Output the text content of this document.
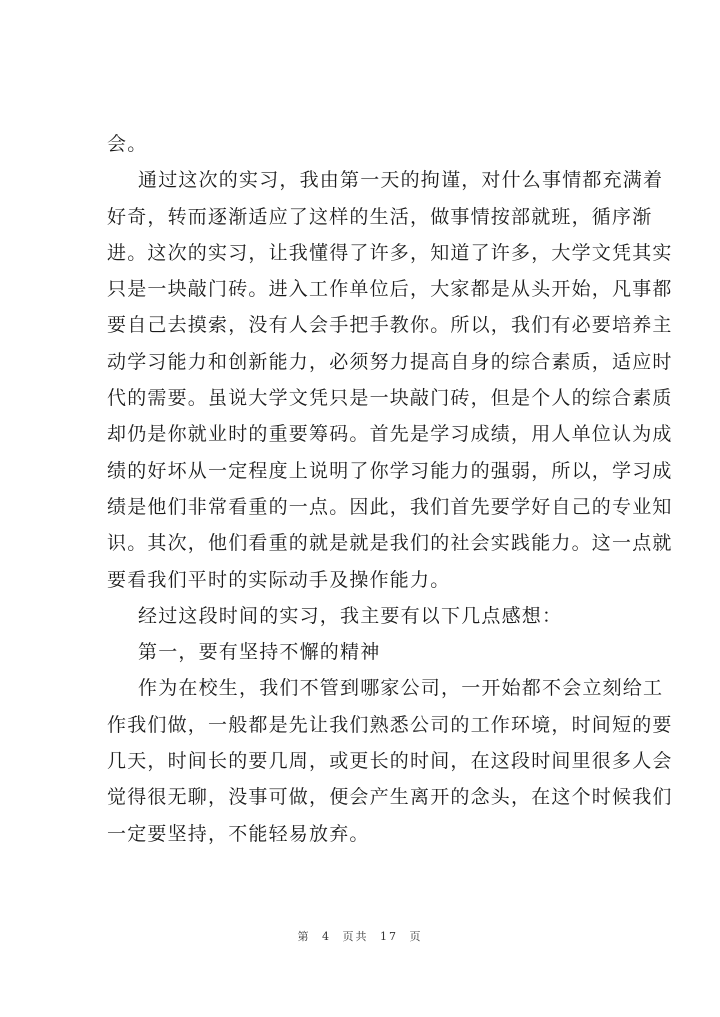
会。
通过这次的实习，我由第一天的拘谨，对什么事情都充满着
好奇，转而逐渐适应了这样的生活，做事情按部就班，循序渐
进。这次的实习，让我懂得了许多，知道了许多，大学文凭其实
只是一块敲门砖。进入工作单位后，大家都是从头开始，凡事都
要自己去摸索，没有人会手把手教你。所以，我们有必要培养主
动学习能力和创新能力，必须努力提高自身的综合素质，适应时
代的需要。虽说大学文凭只是一块敲门砖，但是个人的综合素质
却仍是你就业时的重要筹码。首先是学习成绩，用人单位认为成
绩的好坏从一定程度上说明了你学习能力的强弱，所以，学习成
绩是他们非常看重的一点。因此，我们首先要学好自己的专业知
识。其次，他们看重的就是就是我们的社会实践能力。这一点就
要看我们平时的实际动手及操作能力。
经过这段时间的实习，我主要有以下几点感想：
第一，要有坚持不懈的精神
作为在校生，我们不管到哪家公司，一开始都不会立刻给工
作我们做，一般都是先让我们熟悉公司的工作环境，时间短的要
几天，时间长的要几周，或更长的时间，在这段时间里很多人会
觉得很无聊，没事可做，便会产生离开的念头，在这个时候我们
一定要坚持，不能轻易放弃。
第 4 页共 17 页
